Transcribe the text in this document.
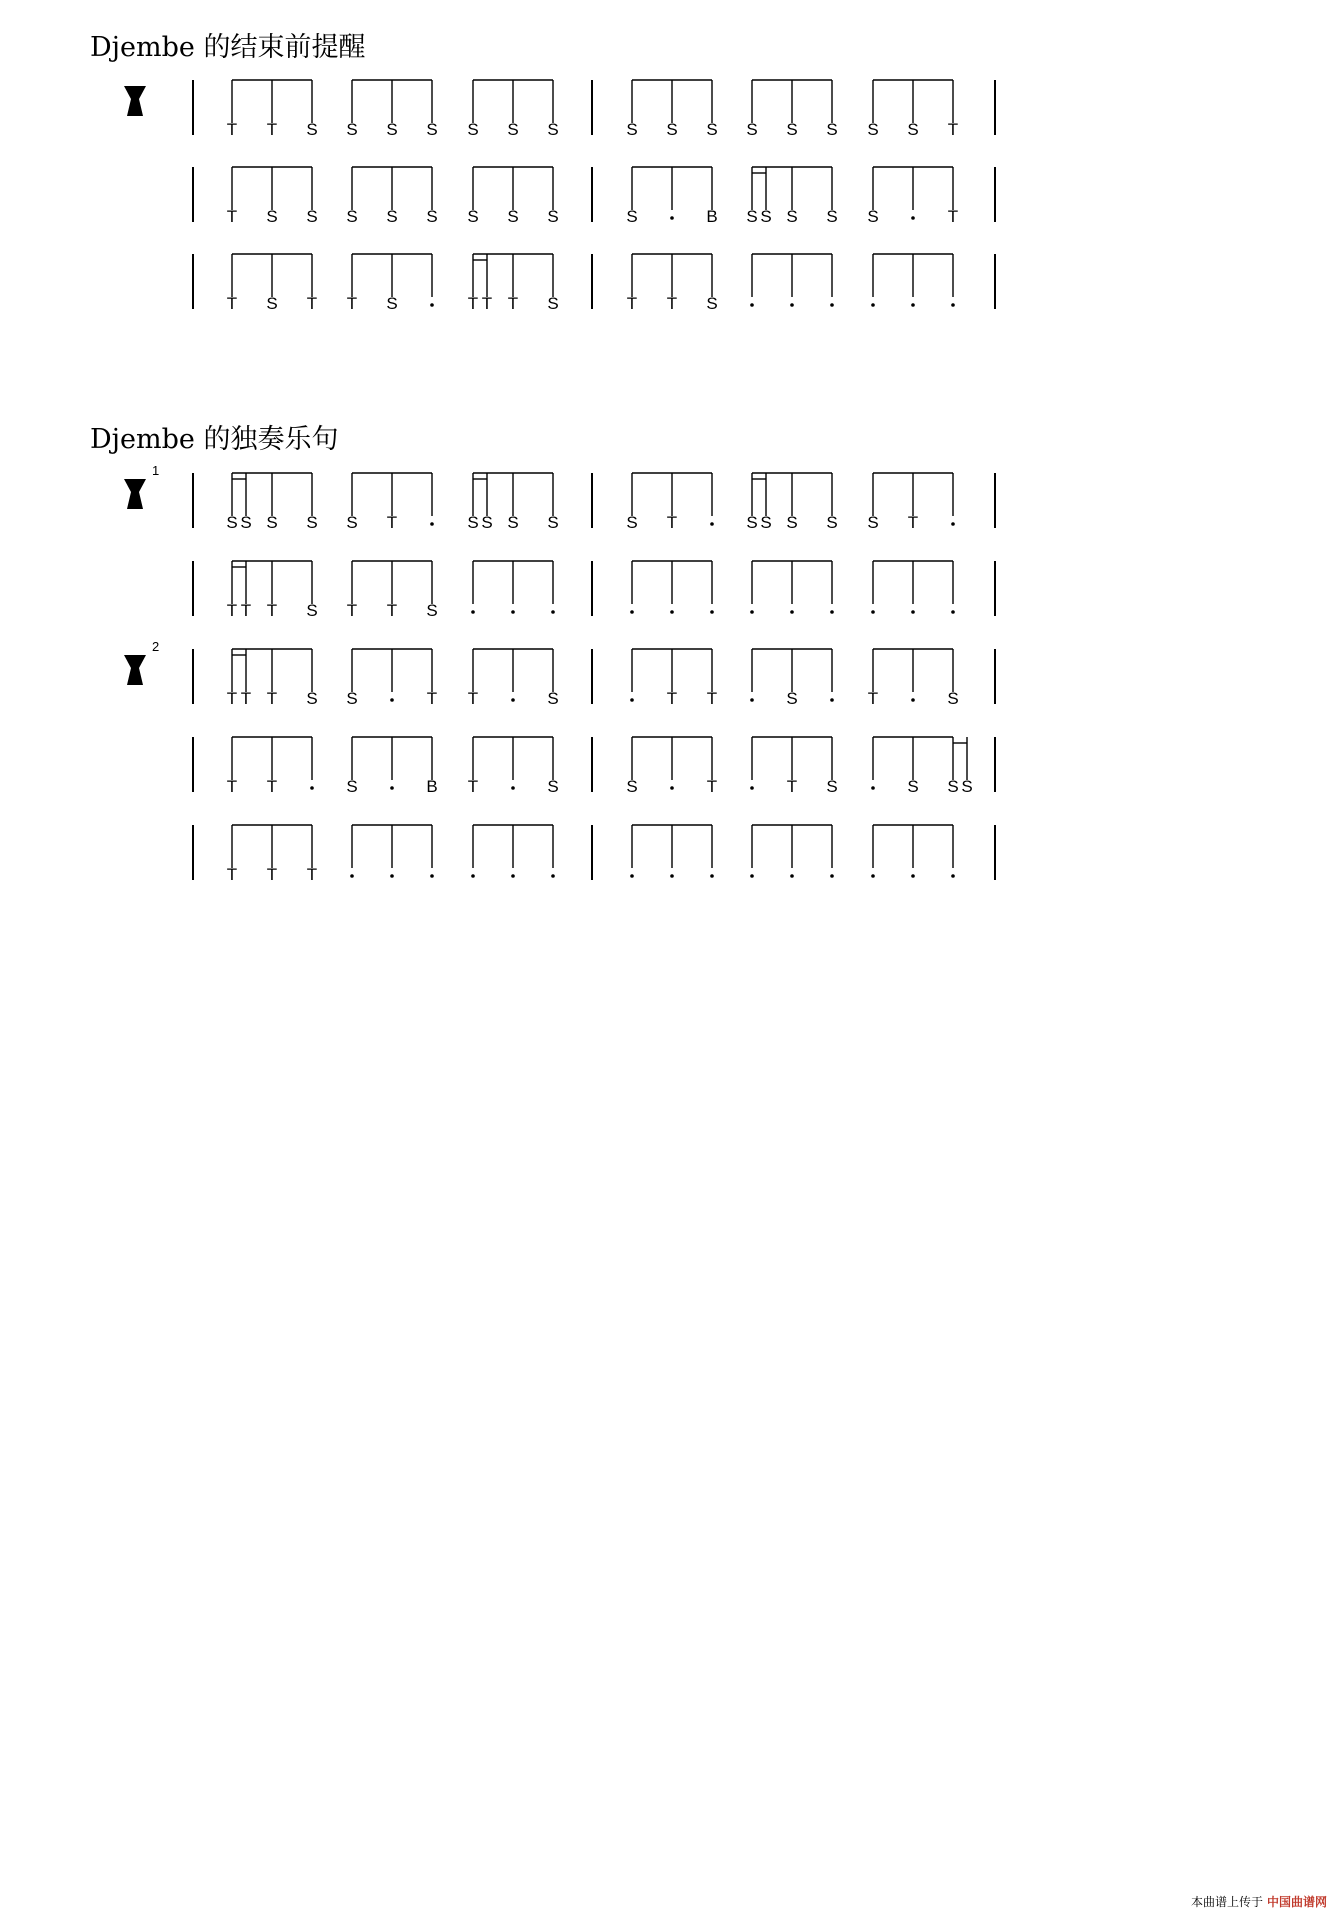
Djembe 的结束前提醒
Djembe 的独奏乐句
T T S S S S S S S	S S S S S S S S T
T S S S S S S S S	S	B S S S S S	T
T S T T S	T T T S	T T S
1
S S S S S T	S S S S	S T	S S S S S T
T T T S T T S
2
T T T S S	T T	S	T T	S	T	S
T T	S	B T	S	S	T	T S	S S S
T T T
本曲谱上传于 中国曲谱网
